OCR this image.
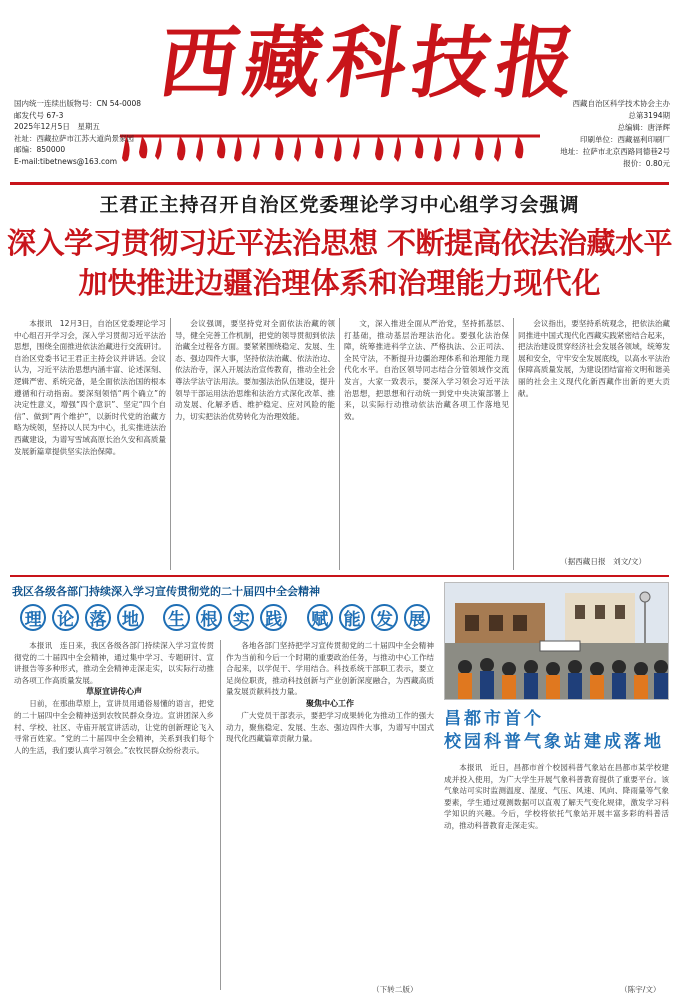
西藏科技报
国内统一连续出版物号：CN 54-0008
邮发代号 67-3
2025年12月5日　星期五
社址：西藏拉萨市江苏大道尚景家园
邮编：850000
E-mail:tibetnews@163.com
西藏自治区科学技术协会主办
总第3194期
总编辑：唐泽辉
印刷单位：西藏福利印刷厂
地址：拉萨市北京西路同德巷2号
报价：0.80元
王君正主持召开自治区党委理论学习中心组学习会强调
深入学习贯彻习近平法治思想 不断提高依法治藏水平
加快推进边疆治理体系和治理能力现代化

本报讯　12月3日，自治区党委理论学习中心组召开学习会，深入学习贯彻习近平法治思想，围绕全面推进依法治藏进行交流研讨。自治区党委书记王君正主持会议并讲话。会议认为，习近平法治思想内涵丰富、论述深刻、逻辑严密、系统完备，是全面依法治国的根本遵循和行动指南。要深刻领悟“两个确立”的决定性意义，增强“四个意识”、坚定“四个自信”、做到“两个维护”，以新时代党的治藏方略为统领，坚持以人民为中心，扎实推进法治西藏建设，为谱写雪域高原长治久安和高质量发展新篇章提供坚实法治保障。

会议强调，要坚持党对全面依法治藏的领导，健全完善工作机制，把党的领导贯彻到依法治藏全过程各方面。要紧紧围绕稳定、发展、生态、强边四件大事，坚持依法治藏、依法治边、依法治寺，深入开展法治宣传教育，推动全社会尊法学法守法用法。要加强法治队伍建设，提升领导干部运用法治思维和法治方式深化改革、推动发展、化解矛盾、维护稳定、应对风险的能力，切实把法治优势转化为治理效能。

文，深入推进全面从严治党，坚持抓基层、打基础，推动基层治理法治化。要强化法治保障，统筹推进科学立法、严格执法、公正司法、全民守法，不断提升边疆治理体系和治理能力现代化水平。自治区领导同志结合分管领域作交流发言，大家一致表示，要深入学习领会习近平法治思想，把思想和行动统一到党中央决策部署上来，以实际行动推动依法治藏各项工作落地见效。

会议指出，要坚持系统观念，把依法治藏同推进中国式现代化西藏实践紧密结合起来，把法治建设贯穿经济社会发展各领域，统筹发展和安全，守牢安全发展底线，以高水平法治保障高质量发展，为建设团结富裕文明和谐美丽的社会主义现代化新西藏作出新的更大贡献。

（据西藏日报　刘文/文）
我区各级各部门持续深入学习宣传贯彻党的二十届四中全会精神
理 论 落 地 生 根 实 践 赋 能 发 展

本报讯　连日来，我区各级各部门持续深入学习宣传贯彻党的二十届四中全会精神，通过集中学习、专题研讨、宣讲报告等多种形式，推动全会精神走深走实，以实际行动推动各项工作高质量发展。

草原宣讲传心声

日前，在那曲草原上，宣讲员用通俗易懂的语言，把党的二十届四中全会精神送到农牧民群众身边。宣讲团深入乡村、学校、社区、寺庙开展宣讲活动，让党的创新理论飞入寻常百姓家。“党的二十届四中全会精神，关系到我们每个人的生活，我们要认真学习领会。”农牧民群众纷纷表示。

各地各部门坚持把学习宣传贯彻党的二十届四中全会精神作为当前和今后一个时期的重要政治任务，与推动中心工作结合起来，以学促干、学用结合。科技系统干部职工表示，要立足岗位职责，推动科技创新与产业创新深度融合，为西藏高质量发展贡献科技力量。

聚焦中心工作

广大党员干部表示，要把学习成果转化为推动工作的强大动力，聚焦稳定、发展、生态、强边四件大事，为谱写中国式现代化西藏篇章贡献力量。

（下转二版）
昌都市首个
校园科普气象站建成落地

本报讯　近日，昌都市首个校园科普气象站在昌都市某学校建成并投入使用，为广大学生开展气象科普教育提供了重要平台。该气象站可实时监测温度、湿度、气压、风速、风向、降雨量等气象要素，学生通过观测数据可以直观了解天气变化规律，激发学习科学知识的兴趣。今后，学校将依托气象站开展丰富多彩的科普活动，推动科普教育走深走实。

（陈宇/文）
